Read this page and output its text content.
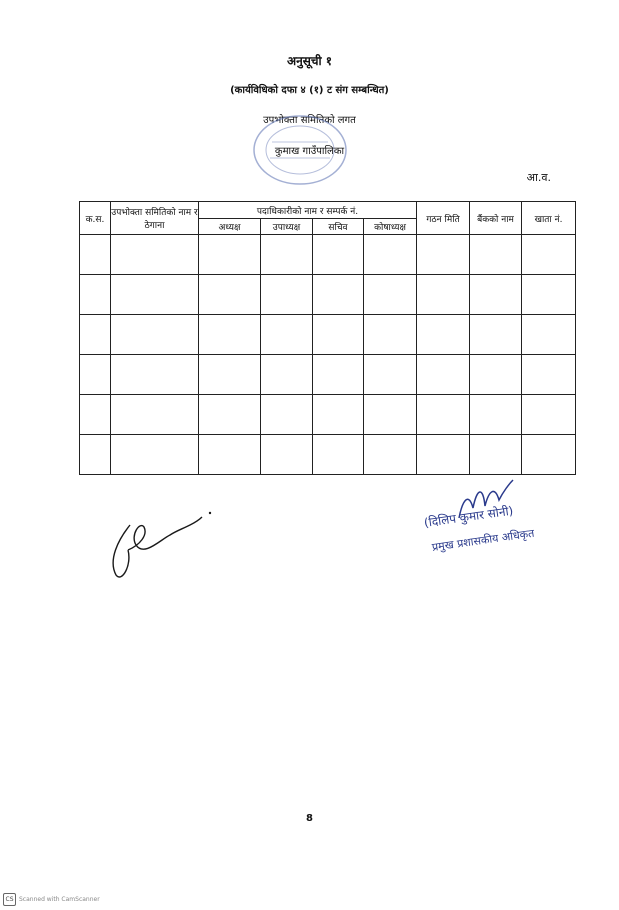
अनुसूची १
(कार्यविधिको दफा ४ (१) ट संग सम्बन्धित)
उपभोक्ता समितिको लगत
कुमाख गाउँपालिका
आ.व.
क.स.	उपभोक्ता समितिको नाम र ठेगाना	पदाधिकारीको नाम र सम्पर्क नं.				गठन मिति	बैंकको नाम	खाता नं.
		अध्यक्ष	उपाध्यक्ष	सचिव	कोषाध्यक्ष			

(दिलिप कुमार सोनी)
प्रमुख प्रशासकीय अधिकृत
8
CS Scanned with CamScanner
